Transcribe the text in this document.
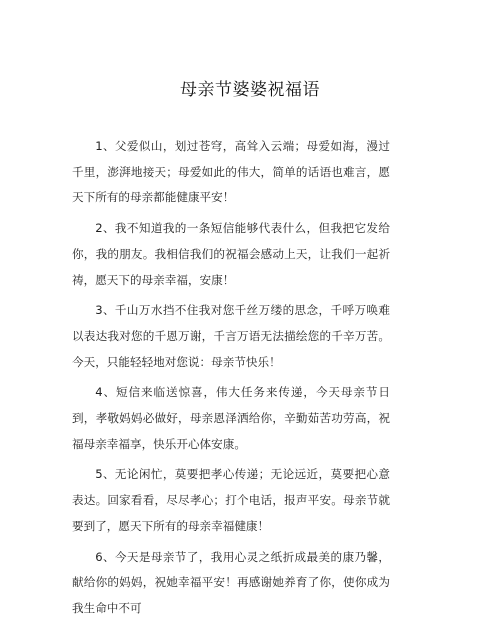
母亲节婆婆祝福语

1、父爱似山，划过苍穹，高耸入云端；母爱如海，漫过千里，澎湃地接天；母爱如此的伟大，简单的话语也难言，愿天下所有的母亲都能健康平安！

2、我不知道我的一条短信能够代表什么，但我把它发给你，我的朋友。我相信我们的祝福会感动上天，让我们一起祈祷，愿天下的母亲幸福，安康！

3、千山万水挡不住我对您千丝万缕的思念，千呼万唤难以表达我对您的千恩万谢，千言万语无法描绘您的千辛万苦。今天，只能轻轻地对您说：母亲节快乐！

4、短信来临送惊喜，伟大任务来传递，今天母亲节日到，孝敬妈妈必做好，母亲恩泽洒给你，辛勤茹苦功劳高，祝福母亲幸福享，快乐开心体安康。

5、无论闲忙，莫要把孝心传递；无论远近，莫要把心意表达。回家看看，尽尽孝心；打个电话，报声平安。母亲节就要到了，愿天下所有的母亲幸福健康！

6、今天是母亲节了，我用心灵之纸折成最美的康乃馨，献给你的妈妈，祝她幸福平安！再感谢她养育了你，使你成为我生命中不可
